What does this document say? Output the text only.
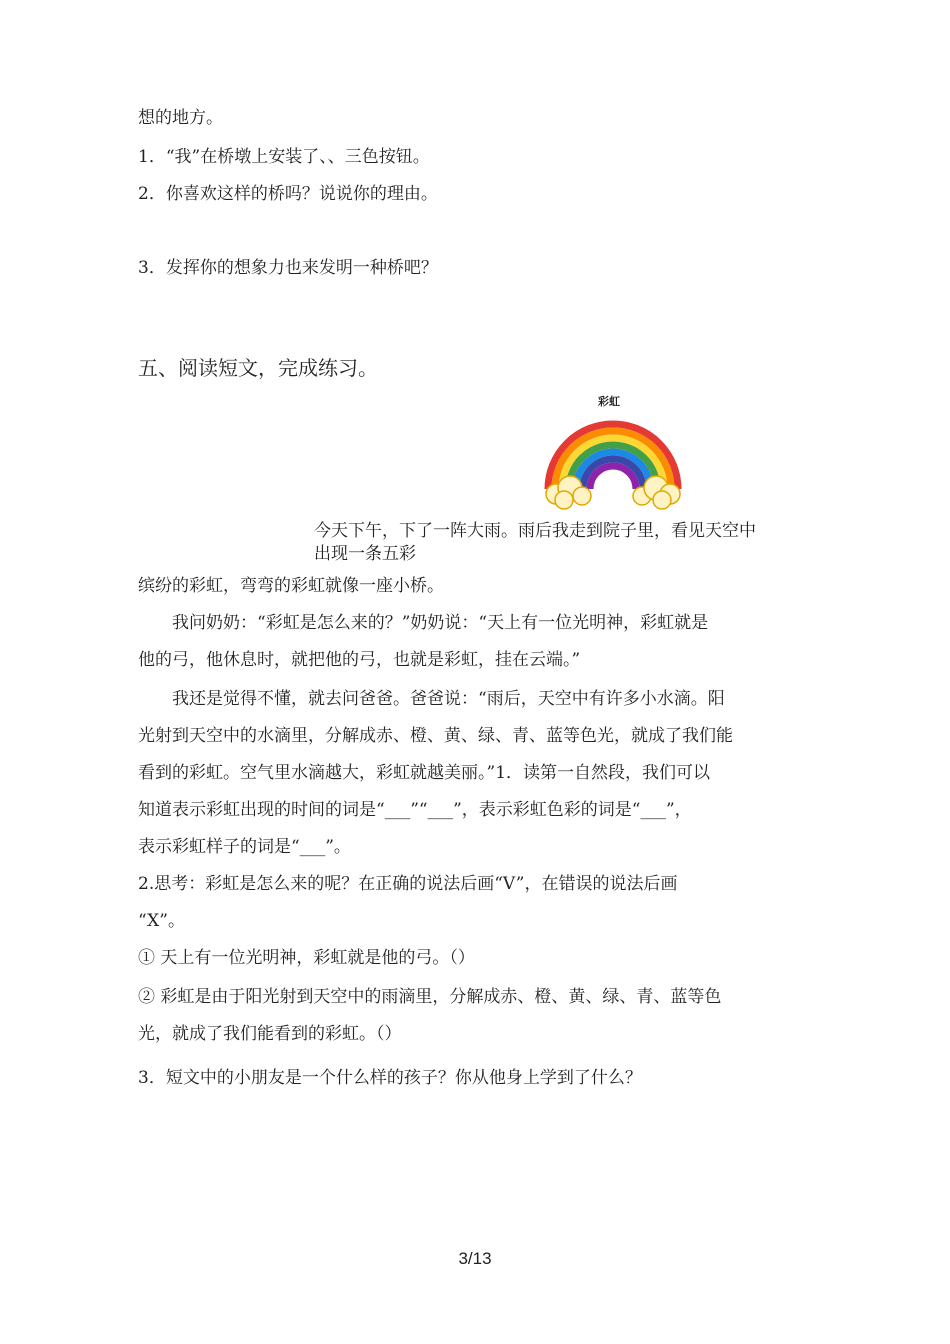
想的地方。
1．“我”在桥墩上安装了、、三色按钮。
2．你喜欢这样的桥吗？说说你的理由。
3．发挥你的想象力也来发明一种桥吧？
五、阅读短文，完成练习。
彩虹
今天下午，下了一阵大雨。雨后我走到院子里，看见天空中
出现一条五彩
缤纷的彩虹，弯弯的彩虹就像一座小桥。
我问奶奶：“彩虹是怎么来的？”奶奶说：“天上有一位光明神，彩虹就是
他的弓，他休息时，就把他的弓，也就是彩虹，挂在云端。”
我还是觉得不懂，就去问爸爸。爸爸说：“雨后，天空中有许多小水滴。阳
光射到天空中的水滴里，分解成赤、橙、黄、绿、青、蓝等色光，就成了我们能
看到的彩虹。空气里水滴越大，彩虹就越美丽。”1．读第一自然段，我们可以
知道表示彩虹出现的时间的词是“___”“___”，表示彩虹色彩的词是“___”，
表示彩虹样子的词是“___”。
2.思考：彩虹是怎么来的呢？在正确的说法后画“V”，在错误的说法后画
“X”。
① 天上有一位光明神，彩虹就是他的弓。（）
② 彩虹是由于阳光射到天空中的雨滴里，分解成赤、橙、黄、绿、青、蓝等色
光，就成了我们能看到的彩虹。（）
3．短文中的小朋友是一个什么样的孩子？你从他身上学到了什么？
3/13
